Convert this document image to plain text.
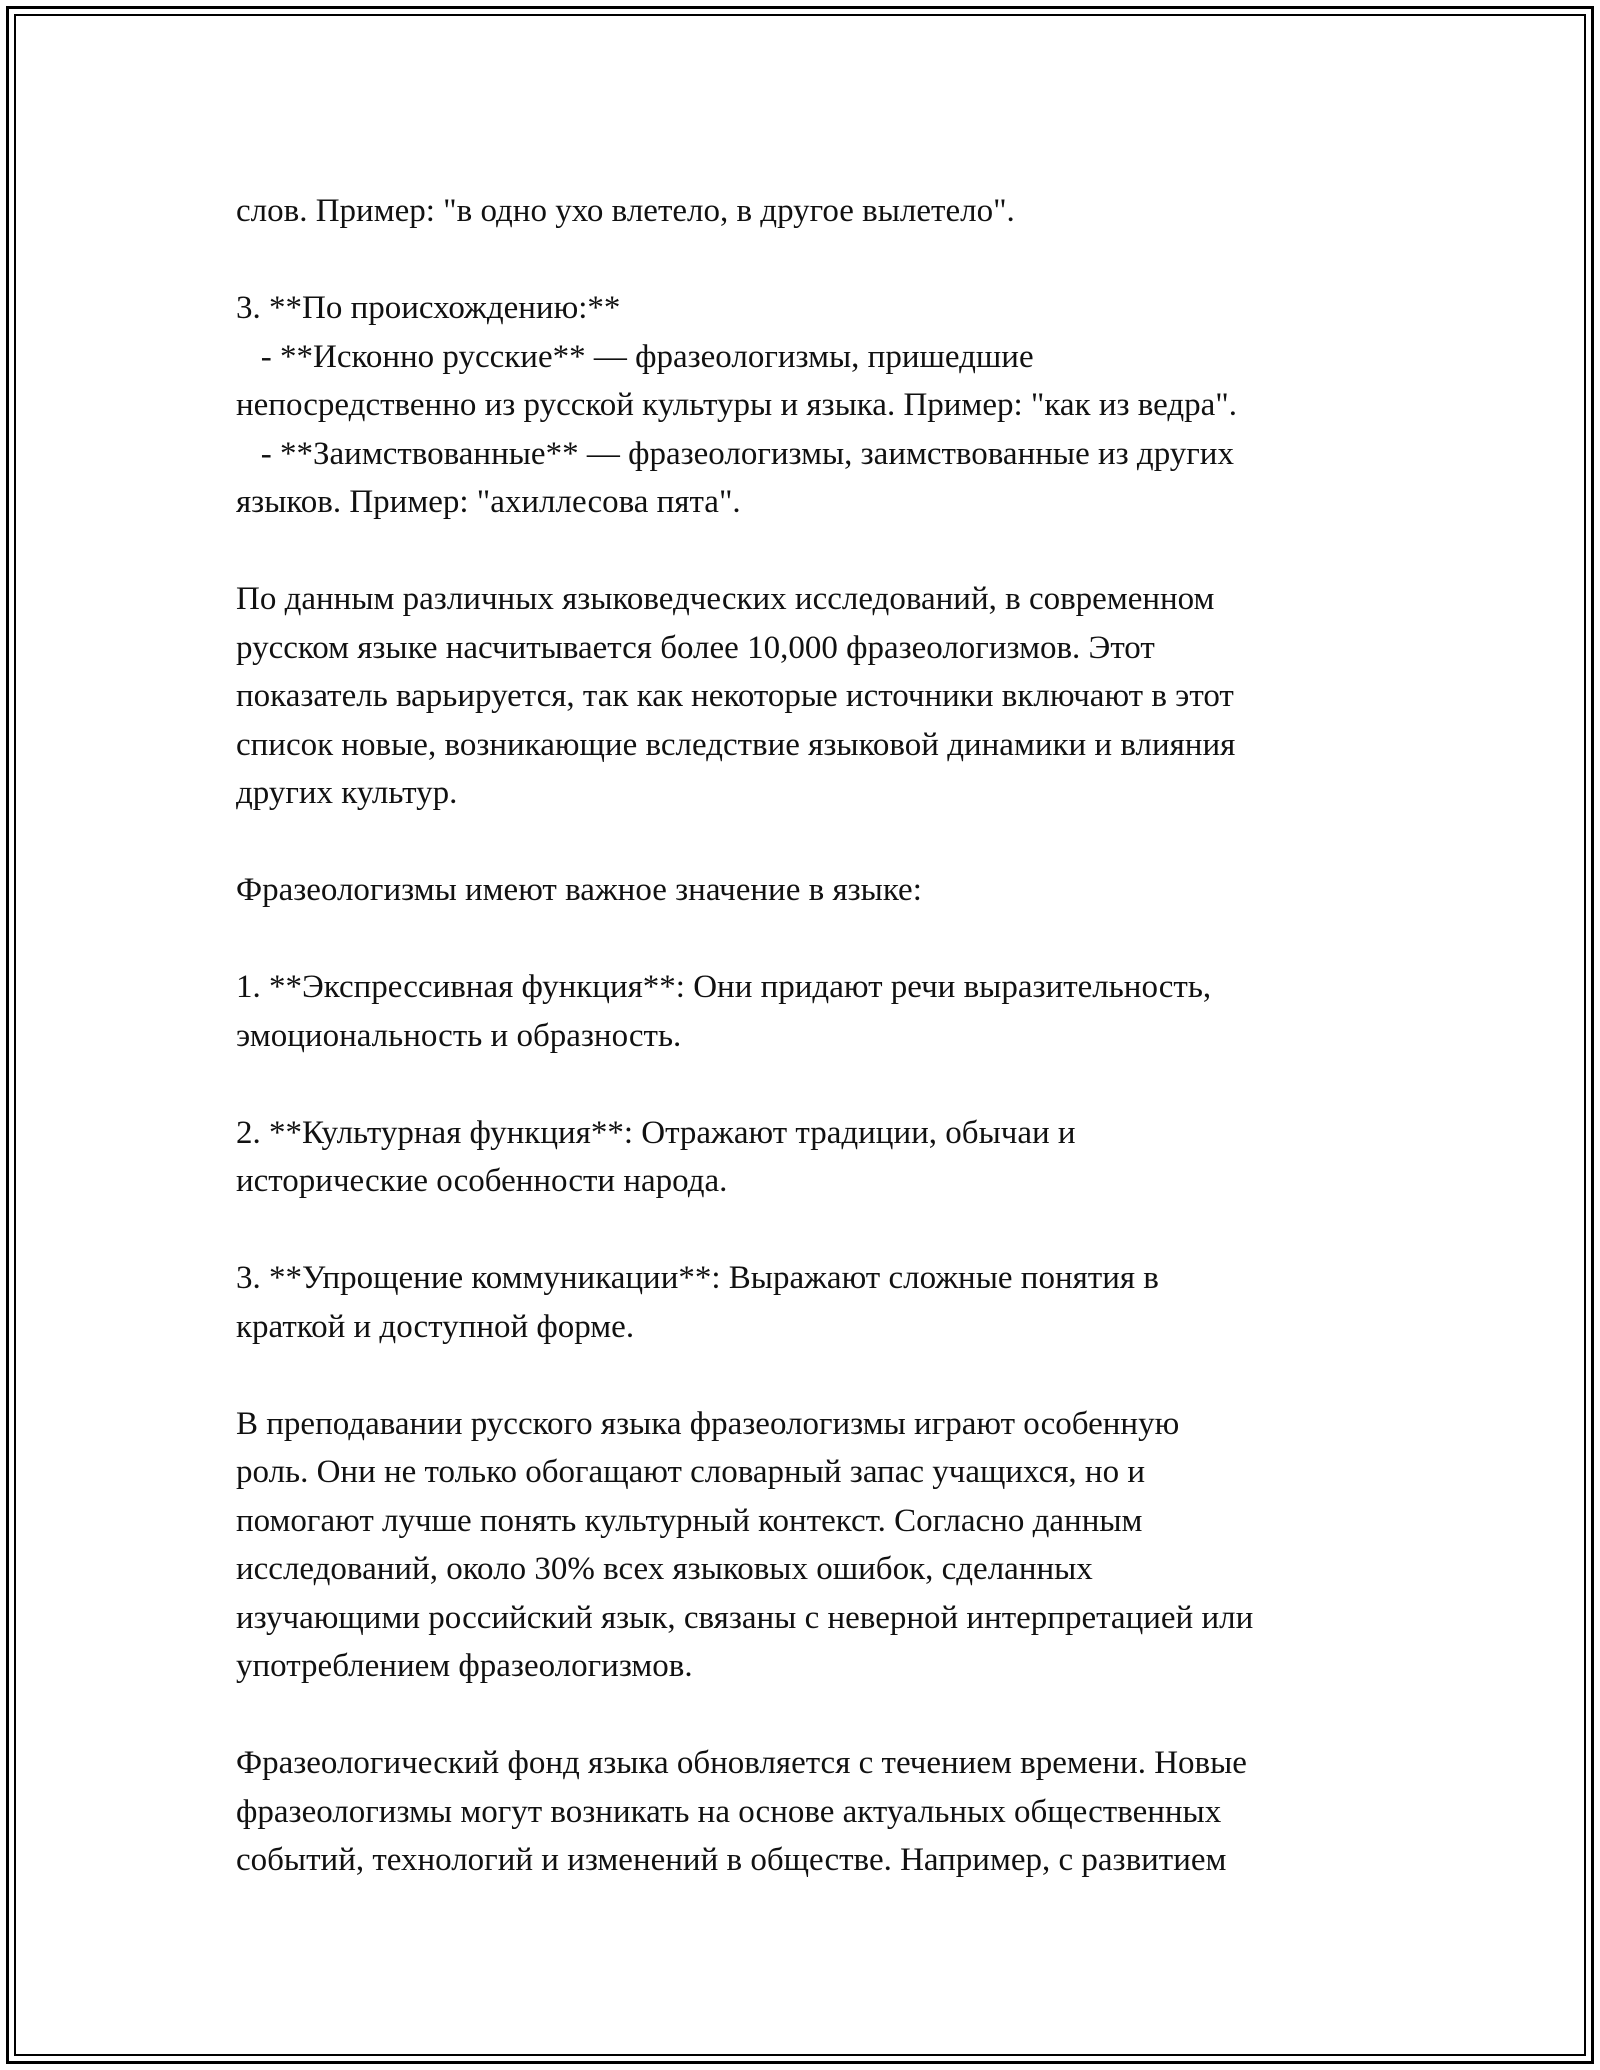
слов. Пример: "в одно ухо влетело, в другое вылетело".
3. **По происхождению:**
- **Исконно русские** — фразеологизмы, пришедшие
непосредственно из русской культуры и языка. Пример: "как из ведра".
- **Заимствованные** — фразеологизмы, заимствованные из других
языков. Пример: "ахиллесова пята".
По данным различных языковедческих исследований, в современном
русском языке насчитывается более 10,000 фразеологизмов. Этот
показатель варьируется, так как некоторые источники включают в этот
список новые, возникающие вследствие языковой динамики и влияния
других культур.
Фразеологизмы имеют важное значение в языке:
1. **Экспрессивная функция**: Они придают речи выразительность,
эмоциональность и образность.
2. **Культурная функция**: Отражают традиции, обычаи и
исторические особенности народа.
3. **Упрощение коммуникации**: Выражают сложные понятия в
краткой и доступной форме.
В преподавании русского языка фразеологизмы играют особенную
роль. Они не только обогащают словарный запас учащихся, но и
помогают лучше понять культурный контекст. Согласно данным
исследований, около 30% всех языковых ошибок, сделанных
изучающими российский язык, связаны с неверной интерпретацией или
употреблением фразеологизмов.
Фразеологический фонд языка обновляется с течением времени. Новые
фразеологизмы могут возникать на основе актуальных общественных
событий, технологий и изменений в обществе. Например, с развитием
